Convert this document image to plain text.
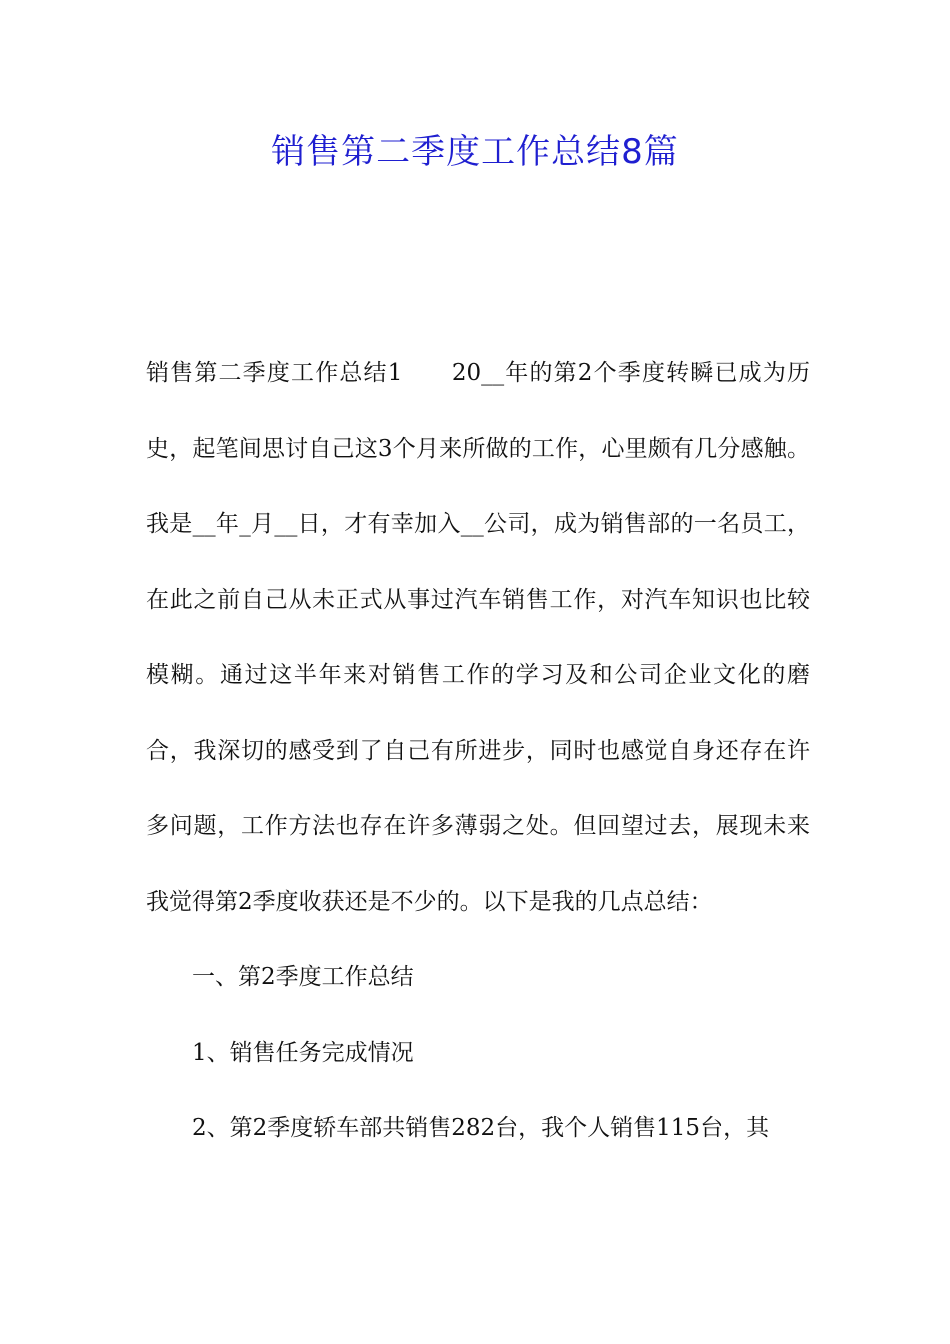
销售第二季度工作总结8篇

销售第二季度工作总结1　　20__年的第2个季度转瞬已成为历史，起笔间思讨自己这3个月来所做的工作，心里颇有几分感触。我是__年_月__日，才有幸加入__公司，成为销售部的一名员工，在此之前自己从未正式从事过汽车销售工作，对汽车知识也比较模糊。通过这半年来对销售工作的学习及和公司企业文化的磨合，我深切的感受到了自己有所进步，同时也感觉自身还存在许多问题，工作方法也存在许多薄弱之处。但回望过去，展现未来我觉得第2季度收获还是不少的。以下是我的几点总结：

一、第2季度工作总结

1、销售任务完成情况

2、第2季度轿车部共销售282台，我个人销售115台，其
